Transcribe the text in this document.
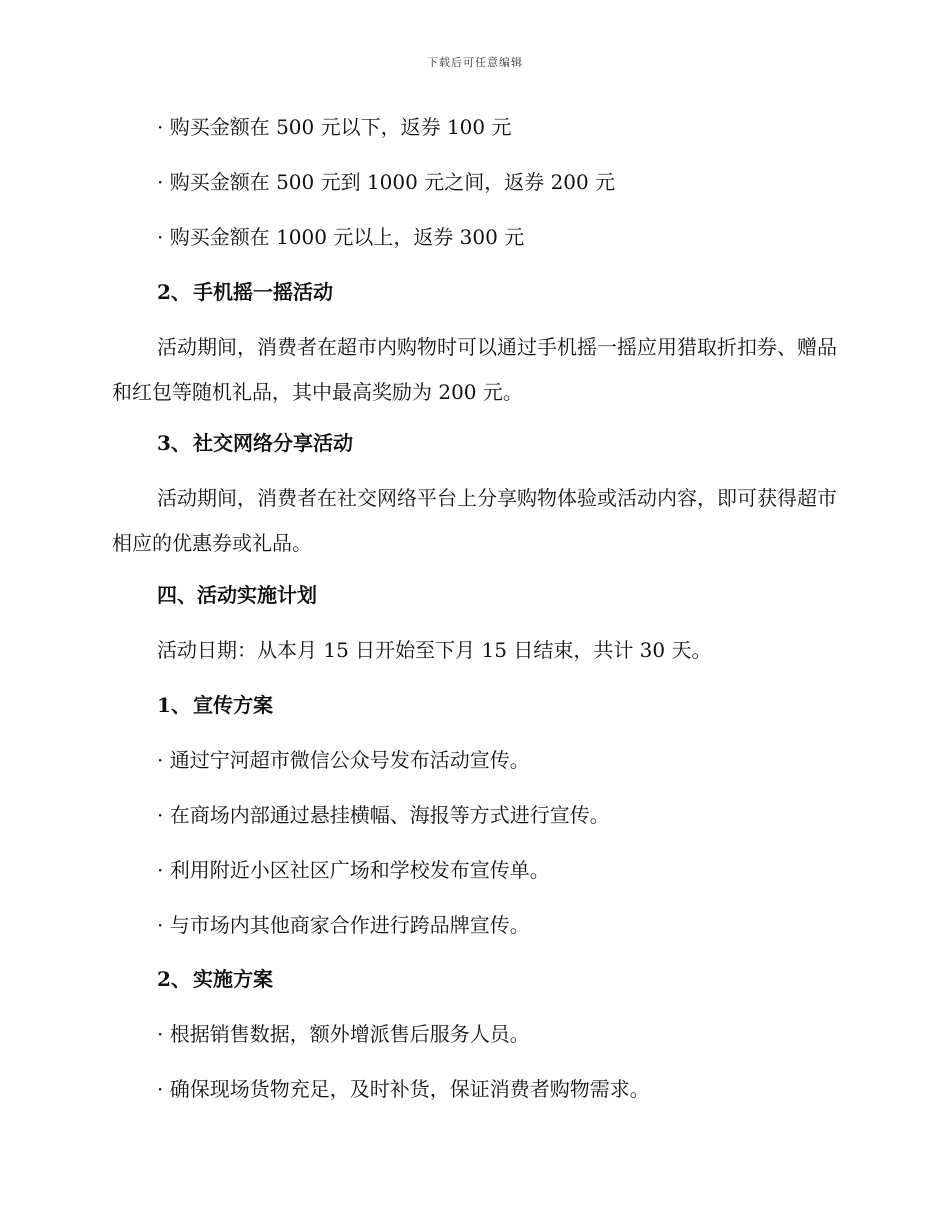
下载后可任意编辑
· 购买金额在 500 元以下，返券 100 元
· 购买金额在 500 元到 1000 元之间，返券 200 元
· 购买金额在 1000 元以上，返券 300 元
2、 手机摇一摇活动
活动期间，消费者在超市内购物时可以通过手机摇一摇应用猎取折扣券、赠品和红包等随机礼品，其中最高奖励为 200 元。
3、 社交网络分享活动
活动期间，消费者在社交网络平台上分享购物体验或活动内容，即可获得超市相应的优惠券或礼品。
四、活动实施计划
活动日期：从本月 15 日开始至下月 15 日结束，共计 30 天。
1、 宣传方案
· 通过宁河超市微信公众号发布活动宣传。
· 在商场内部通过悬挂横幅、海报等方式进行宣传。
· 利用附近小区社区广场和学校发布宣传单。
· 与市场内其他商家合作进行跨品牌宣传。
2、 实施方案
· 根据销售数据，额外增派售后服务人员。
· 确保现场货物充足，及时补货，保证消费者购物需求。
